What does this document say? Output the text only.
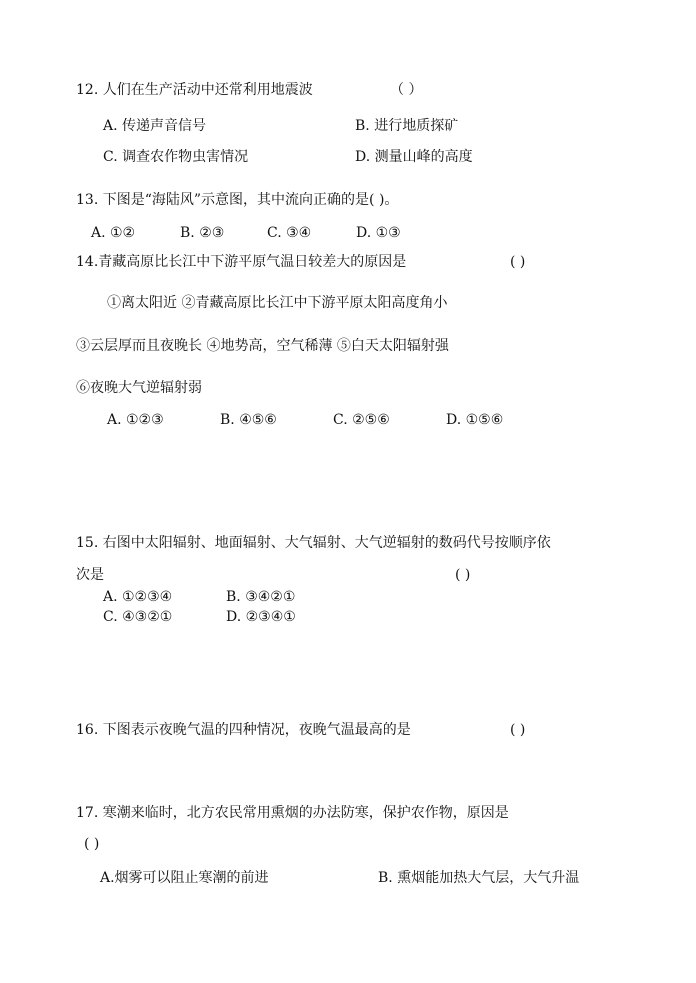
12. 人们在生产活动中还常利用地震波	（ ）
A. 传递声音信号	B. 进行地质探矿
C. 调查农作物虫害情况	D. 测量山峰的高度
13. 下图是“海陆风”示意图，其中流向正确的是( )。
A. ①②	B. ②③	C. ③④	D. ①③
14.青藏高原比长江中下游平原气温日较差大的原因是	( )
①离太阳近 ②青藏高原比长江中下游平原太阳高度角小
③云层厚而且夜晚长 ④地势高，空气稀薄 ⑤白天太阳辐射强
⑥夜晚大气逆辐射弱
A. ①②③	B. ④⑤⑥	C. ②⑤⑥	D. ①⑤⑥
15. 右图中太阳辐射、地面辐射、大气辐射、大气逆辐射的数码代号按顺序依
次是	( )
A. ①②③④	B. ③④②①
C. ④③②①	D. ②③④①
16. 下图表示夜晚气温的四种情况，夜晚气温最高的是	( )
17. 寒潮来临时，北方农民常用熏烟的办法防寒，保护农作物，原因是
( )
A.烟雾可以阻止寒潮的前进	B. 熏烟能加热大气层，大气升温
